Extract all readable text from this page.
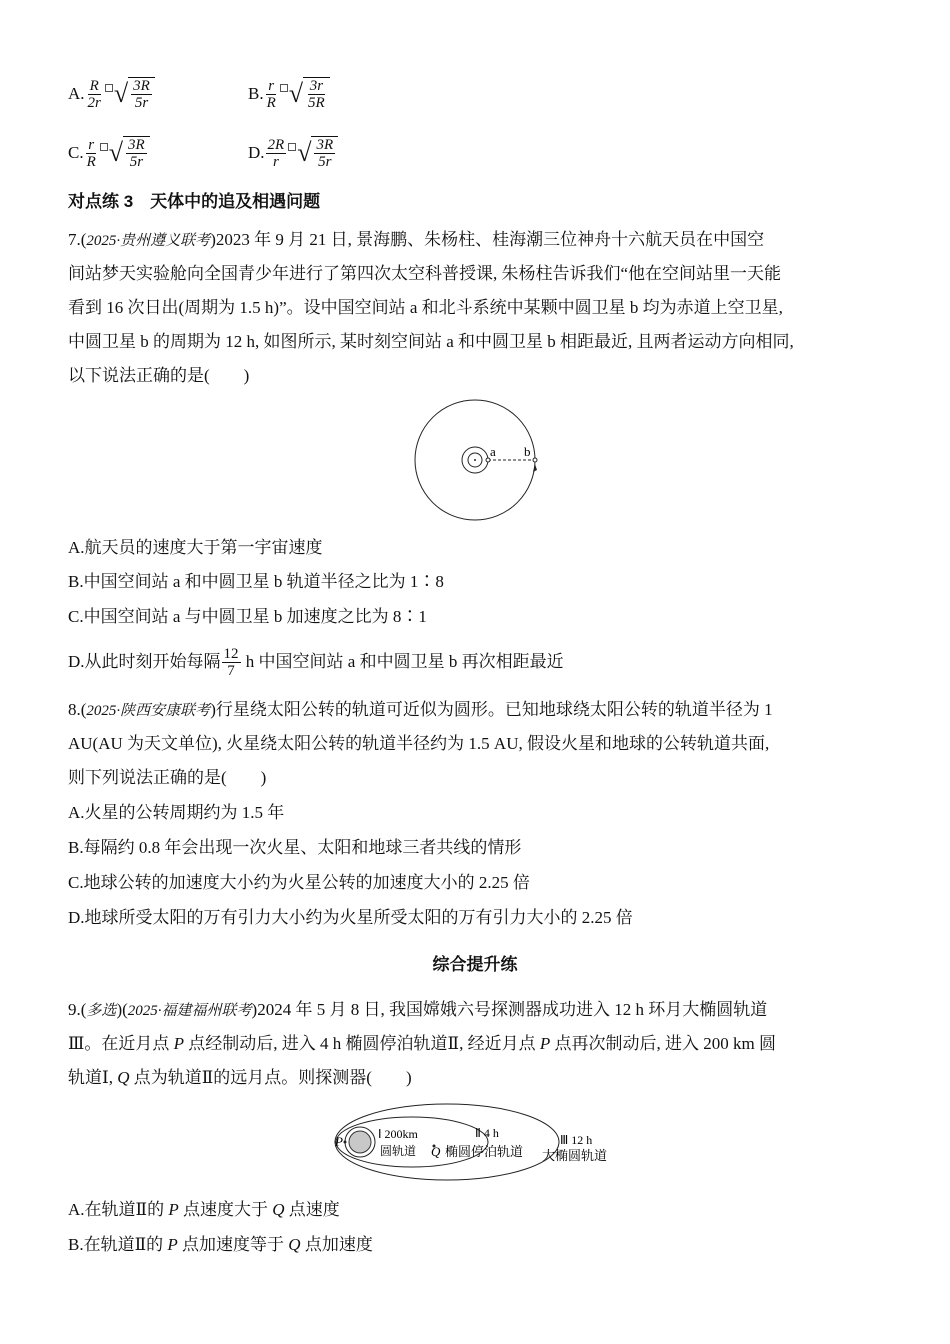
A. $\frac{R}{2r}$ √ $\frac{3R}{5r}$	B. $\frac{r}{R}$ √ $\frac{3r}{5R}$
C. $\frac{r}{R}$ √ $\frac{3R}{5r}$	D. $\frac{2R}{r}$ √ $\frac{3R}{5r}$
对点练 3　天体中的追及相遇问题
7.(2025·贵州遵义联考)2023 年 9 月 21 日, 景海鹏、朱杨柱、桂海潮三位神舟十六航天员在中国空
间站梦天实验舱向全国青少年进行了第四次太空科普授课, 朱杨柱告诉我们“他在空间站里一天能
看到 16 次日出(周期为 1.5 h)”。设中国空间站 a 和北斗系统中某颗中圆卫星 b 均为赤道上空卫星,
中圆卫星 b 的周期为 12 h, 如图所示, 某时刻空间站 a 和中圆卫星 b 相距最近, 且两者运动方向相同,
以下说法正确的是(　　)
a b
A.航天员的速度大于第一宇宙速度
B.中国空间站 a 和中圆卫星 b 轨道半径之比为 1∶8
C.中国空间站 a 与中圆卫星 b 加速度之比为 8∶1
D.从此时刻开始每隔 $\frac{12}{7}$ h 中国空间站 a 和中圆卫星 b 再次相距最近
8.(2025·陕西安康联考)行星绕太阳公转的轨道可近似为圆形。已知地球绕太阳公转的轨道半径为 1
AU(AU 为天文单位), 火星绕太阳公转的轨道半径约为 1.5 AU, 假设火星和地球的公转轨道共面,
则下列说法正确的是(　　)
A.火星的公转周期约为 1.5 年
B.每隔约 0.8 年会出现一次火星、太阳和地球三者共线的情形
C.地球公转的加速度大小约为火星公转的加速度大小的 2.25 倍
D.地球所受太阳的万有引力大小约为火星所受太阳的万有引力大小的 2.25 倍
综合提升练
9.(多选)(2025·福建福州联考)2024 年 5 月 8 日, 我国嫦娥六号探测器成功进入 12 h 环月大椭圆轨道
Ⅲ。在近月点 P 点经制动后, 进入 4 h 椭圆停泊轨道Ⅱ, 经近月点 P 点再次制动后, 进入 200 km 圆
轨道Ⅰ, Q 点为轨道Ⅱ的远月点。则探测器(　　)
P
Q
Ⅰ 200km
圆轨道
Ⅱ 4 h
椭圆停泊轨道
Ⅲ 12 h
大椭圆轨道
A.在轨道Ⅱ的 P 点速度大于 Q 点速度
B.在轨道Ⅱ的 P 点加速度等于 Q 点加速度
